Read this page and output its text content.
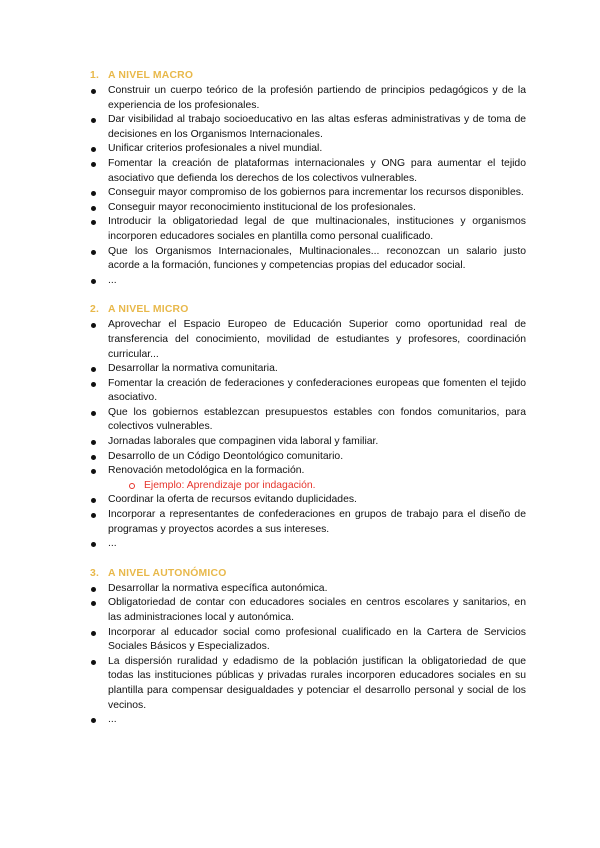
1. A NIVEL MACRO
Construir un cuerpo teórico de la profesión partiendo de principios pedagógicos y de la experiencia de los profesionales.
Dar visibilidad al trabajo socioeducativo en las altas esferas administrativas y de toma de decisiones en los Organismos Internacionales.
Unificar criterios profesionales a nivel mundial.
Fomentar la creación de plataformas internacionales y ONG para aumentar el tejido asociativo que defienda los derechos de los colectivos vulnerables.
Conseguir mayor compromiso de los gobiernos para incrementar los recursos disponibles.
Conseguir mayor reconocimiento institucional de los profesionales.
Introducir la obligatoriedad legal de que multinacionales, instituciones y organismos incorporen educadores sociales en plantilla como personal cualificado.
Que los Organismos Internacionales, Multinacionales... reconozcan un salario justo acorde a la formación, funciones y competencias propias del educador social.
...
2. A NIVEL MICRO
Aprovechar el Espacio Europeo de Educación Superior como oportunidad real de transferencia del conocimiento, movilidad de estudiantes y profesores, coordinación curricular...
Desarrollar la normativa comunitaria.
Fomentar la creación de federaciones y confederaciones europeas que fomenten el tejido asociativo.
Que los gobiernos establezcan presupuestos estables con fondos comunitarios, para colectivos vulnerables.
Jornadas laborales que compaginen vida laboral y familiar.
Desarrollo de un Código Deontológico comunitario.
Renovación metodológica en la formación.
Ejemplo: Aprendizaje por indagación.
Coordinar la oferta de recursos evitando duplicidades.
Incorporar a representantes de confederaciones en grupos de trabajo para el diseño de programas y proyectos acordes a sus intereses.
...
3. A NIVEL AUTONÓMICO
Desarrollar la normativa específica autonómica.
Obligatoriedad de contar con educadores sociales en centros escolares y sanitarios, en las administraciones local y autonómica.
Incorporar al educador social como profesional cualificado en la Cartera de Servicios Sociales Básicos y Especializados.
La dispersión ruralidad y edadismo de la población justifican la obligatoriedad de que todas las instituciones públicas y privadas rurales incorporen educadores sociales en su plantilla para compensar desigualdades y potenciar el desarrollo personal y social de los vecinos.
...
